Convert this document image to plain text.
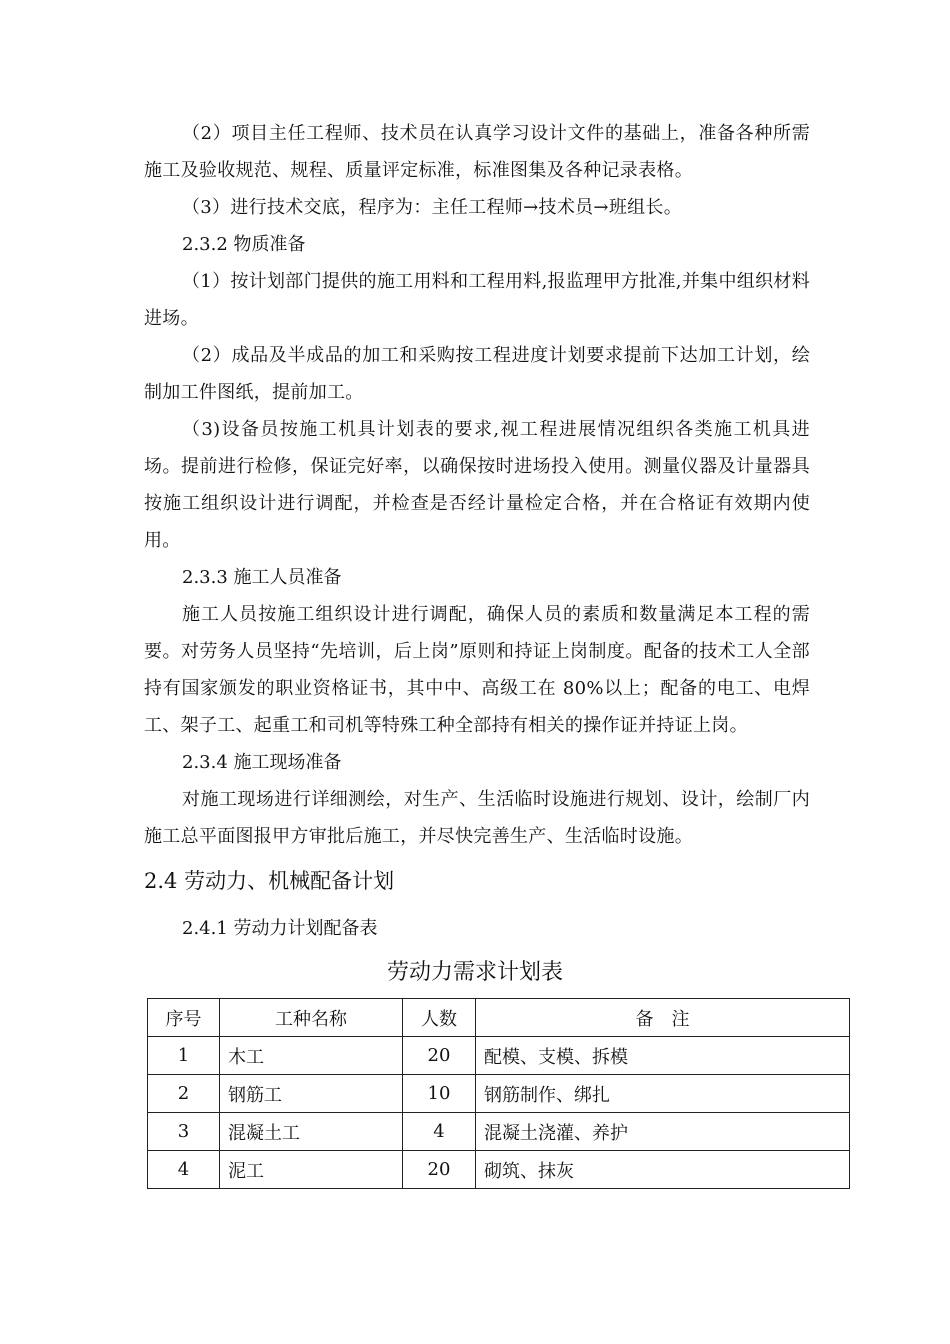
（2）项目主任工程师、技术员在认真学习设计文件的基础上，准备各种所需施工及验收规范、规程、质量评定标准，标准图集及各种记录表格。

（3）进行技术交底，程序为：主任工程师→技术员→班组长。

2.3.2 物质准备

（1）按计划部门提供的施工用料和工程用料,报监理甲方批准,并集中组织材料进场。

（2）成品及半成品的加工和采购按工程进度计划要求提前下达加工计划，绘制加工件图纸，提前加工。

（3)设备员按施工机具计划表的要求,视工程进展情况组织各类施工机具进场。提前进行检修，保证完好率，以确保按时进场投入使用。测量仪器及计量器具按施工组织设计进行调配，并检查是否经计量检定合格，并在合格证有效期内使用。

2.3.3 施工人员准备

施工人员按施工组织设计进行调配，确保人员的素质和数量满足本工程的需要。对劳务人员坚持“先培训，后上岗”原则和持证上岗制度。配备的技术工人全部持有国家颁发的职业资格证书，其中中、高级工在 80%以上；配备的电工、电焊工、架子工、起重工和司机等特殊工种全部持有相关的操作证并持证上岗。

2.3.4 施工现场准备

对施工现场进行详细测绘，对生产、生活临时设施进行规划、设计，绘制厂内施工总平面图报甲方审批后施工，并尽快完善生产、生活临时设施。

2.4 劳动力、机械配备计划

2.4.1 劳动力计划配备表

劳动力需求计划表

序号	工种名称	人数	备　注
1	木工	20	配模、支模、拆模
2	钢筋工	10	钢筋制作、绑扎
3	混凝土工	4	混凝土浇灌、养护
4	泥工	20	砌筑、抹灰
